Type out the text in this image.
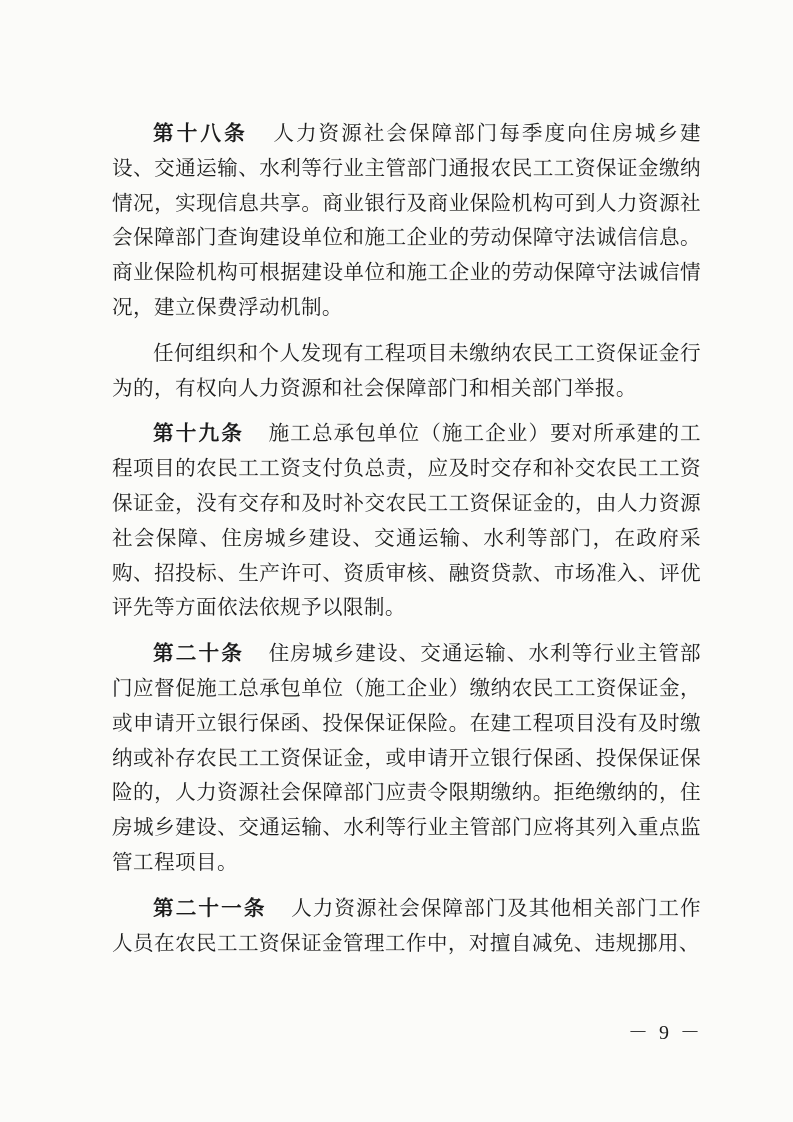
第十八条 人力资源社会保障部门每季度向住房城乡建设、交通运输、水利等行业主管部门通报农民工工资保证金缴纳情况，实现信息共享。商业银行及商业保险机构可到人力资源社会保障部门查询建设单位和施工企业的劳动保障守法诚信信息。商业保险机构可根据建设单位和施工企业的劳动保障守法诚信情况，建立保费浮动机制。

任何组织和个人发现有工程项目未缴纳农民工工资保证金行为的，有权向人力资源和社会保障部门和相关部门举报。

第十九条 施工总承包单位（施工企业）要对所承建的工程项目的农民工工资支付负总责，应及时交存和补交农民工工资保证金，没有交存和及时补交农民工工资保证金的，由人力资源社会保障、住房城乡建设、交通运输、水利等部门，在政府采购、招投标、生产许可、资质审核、融资贷款、市场准入、评优评先等方面依法依规予以限制。

第二十条 住房城乡建设、交通运输、水利等行业主管部门应督促施工总承包单位（施工企业）缴纳农民工工资保证金，或申请开立银行保函、投保保证保险。在建工程项目没有及时缴纳或补存农民工工资保证金，或申请开立银行保函、投保保证保险的，人力资源社会保障部门应责令限期缴纳。拒绝缴纳的，住房城乡建设、交通运输、水利等行业主管部门应将其列入重点监管工程项目。

第二十一条 人力资源社会保障部门及其他相关部门工作人员在农民工工资保证金管理工作中，对擅自减免、违规挪用、

－ 9 －
